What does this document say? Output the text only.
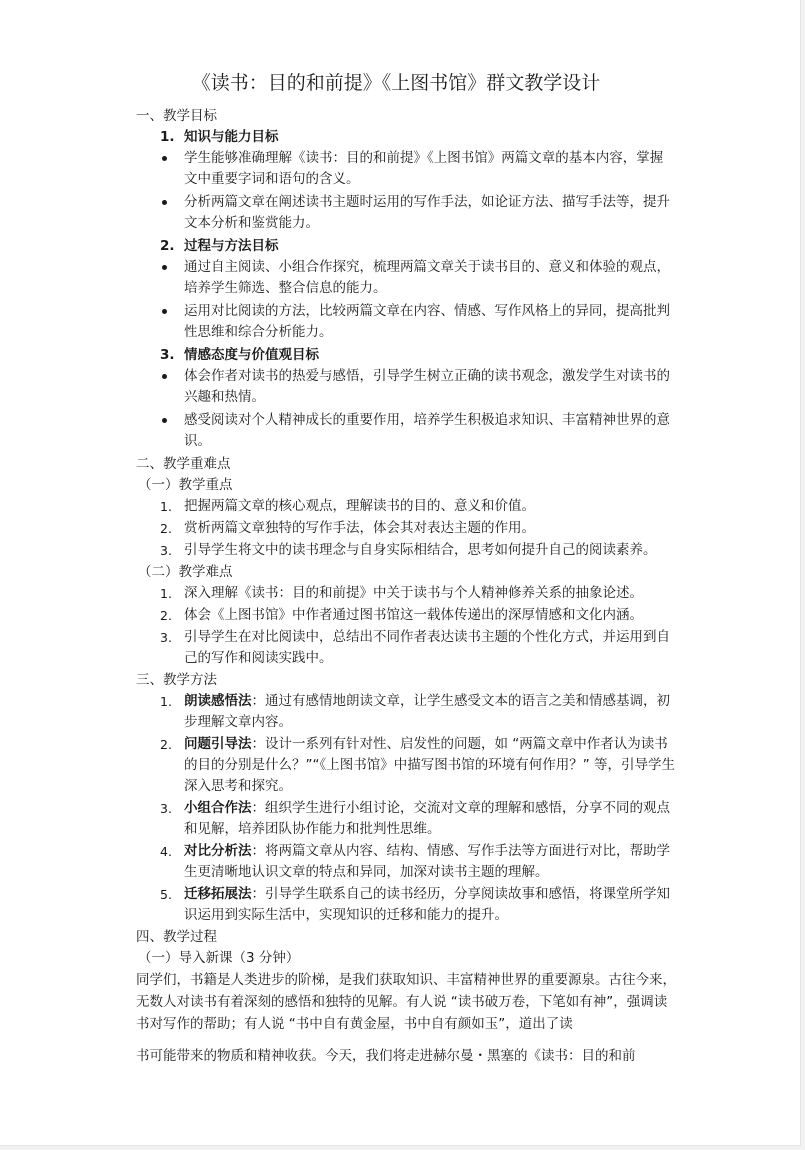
《读书：目的和前提》《上图书馆》群文教学设计
一、教学目标
1. 知识与能力目标
学生能够准确理解《读书：目的和前提》《上图书馆》两篇文章的基本内容，掌握文中重要字词和语句的含义。
分析两篇文章在阐述读书主题时运用的写作手法，如论证方法、描写手法等，提升文本分析和鉴赏能力。
2. 过程与方法目标
通过自主阅读、小组合作探究，梳理两篇文章关于读书目的、意义和体验的观点，培养学生筛选、整合信息的能力。
运用对比阅读的方法，比较两篇文章在内容、情感、写作风格上的异同，提高批判性思维和综合分析能力。
3. 情感态度与价值观目标
体会作者对读书的热爱与感悟，引导学生树立正确的读书观念，激发学生对读书的兴趣和热情。
感受阅读对个人精神成长的重要作用，培养学生积极追求知识、丰富精神世界的意识。
二、教学重难点
（一）教学重点
1. 把握两篇文章的核心观点，理解读书的目的、意义和价值。
2. 赏析两篇文章独特的写作手法，体会其对表达主题的作用。
3. 引导学生将文中的读书理念与自身实际相结合，思考如何提升自己的阅读素养。
（二）教学难点
1. 深入理解《读书：目的和前提》中关于读书与个人精神修养关系的抽象论述。
2. 体会《上图书馆》中作者通过图书馆这一载体传递出的深厚情感和文化内涵。
3. 引导学生在对比阅读中，总结出不同作者表达读书主题的个性化方式，并运用到自己的写作和阅读实践中。
三、教学方法
1. 朗读感悟法：通过有感情地朗读文章，让学生感受文本的语言之美和情感基调，初步理解文章内容。
2. 问题引导法：设计一系列有针对性、启发性的问题，如 “两篇文章中作者认为读书的目的分别是什么？”“《上图书馆》中描写图书馆的环境有何作用？” 等，引导学生深入思考和探究。
3. 小组合作法：组织学生进行小组讨论，交流对文章的理解和感悟，分享不同的观点和见解，培养团队协作能力和批判性思维。
4. 对比分析法：将两篇文章从内容、结构、情感、写作手法等方面进行对比，帮助学生更清晰地认识文章的特点和异同，加深对读书主题的理解。
5. 迁移拓展法：引导学生联系自己的读书经历，分享阅读故事和感悟，将课堂所学知识运用到实际生活中，实现知识的迁移和能力的提升。
四、教学过程
（一）导入新课（3 分钟）

同学们，书籍是人类进步的阶梯，是我们获取知识、丰富精神世界的重要源泉。古往今来，无数人对读书有着深刻的感悟和独特的见解。有人说 “读书破万卷，下笔如有神”，强调读书对写作的帮助；有人说 “书中自有黄金屋，书中自有颜如玉”，道出了读

书可能带来的物质和精神收获。今天，我们将走进赫尔曼・黑塞的《读书：目的和前
